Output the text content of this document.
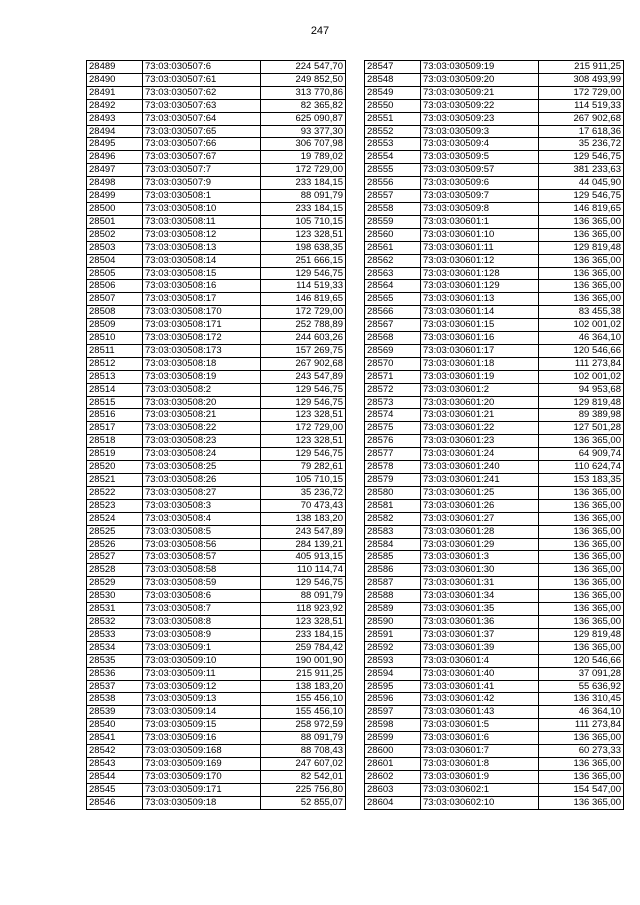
247
28489	73:03:030507:6	224 547,70
28490	73:03:030507:61	249 852,50
28491	73:03:030507:62	313 770,86
28492	73:03:030507:63	82 365,82
28493	73:03:030507:64	625 090,87
28494	73:03:030507:65	93 377,30
28495	73:03:030507:66	306 707,98
28496	73:03:030507:67	19 789,02
28497	73:03:030507:7	172 729,00
28498	73:03:030507:9	233 184,15
28499	73:03:030508:1	88 091,79
28500	73:03:030508:10	233 184,15
28501	73:03:030508:11	105 710,15
28502	73:03:030508:12	123 328,51
28503	73:03:030508:13	198 638,35
28504	73:03:030508:14	251 666,15
28505	73:03:030508:15	129 546,75
28506	73:03:030508:16	114 519,33
28507	73:03:030508:17	146 819,65
28508	73:03:030508:170	172 729,00
28509	73:03:030508:171	252 788,89
28510	73:03:030508:172	244 603,26
28511	73:03:030508:173	157 269,75
28512	73:03:030508:18	267 902,68
28513	73:03:030508:19	243 547,89
28514	73:03:030508:2	129 546,75
28515	73:03:030508:20	129 546,75
28516	73:03:030508:21	123 328,51
28517	73:03:030508:22	172 729,00
28518	73:03:030508:23	123 328,51
28519	73:03:030508:24	129 546,75
28520	73:03:030508:25	79 282,61
28521	73:03:030508:26	105 710,15
28522	73:03:030508:27	35 236,72
28523	73:03:030508:3	70 473,43
28524	73:03:030508:4	138 183,20
28525	73:03:030508:5	243 547,89
28526	73:03:030508:56	284 139,21
28527	73:03:030508:57	405 913,15
28528	73:03:030508:58	110 114,74
28529	73:03:030508:59	129 546,75
28530	73:03:030508:6	88 091,79
28531	73:03:030508:7	118 923,92
28532	73:03:030508:8	123 328,51
28533	73:03:030508:9	233 184,15
28534	73:03:030509:1	259 784,42
28535	73:03:030509:10	190 001,90
28536	73:03:030509:11	215 911,25
28537	73:03:030509:12	138 183,20
28538	73:03:030509:13	155 456,10
28539	73:03:030509:14	155 456,10
28540	73:03:030509:15	258 972,59
28541	73:03:030509:16	88 091,79
28542	73:03:030509:168	88 708,43
28543	73:03:030509:169	247 607,02
28544	73:03:030509:170	82 542,01
28545	73:03:030509:171	225 756,80
28546	73:03:030509:18	52 855,07
28547	73:03:030509:19	215 911,25
28548	73:03:030509:20	308 493,99
28549	73:03:030509:21	172 729,00
28550	73:03:030509:22	114 519,33
28551	73:03:030509:23	267 902,68
28552	73:03:030509:3	17 618,36
28553	73:03:030509:4	35 236,72
28554	73:03:030509:5	129 546,75
28555	73:03:030509:57	381 233,63
28556	73:03:030509:6	44 045,90
28557	73:03:030509:7	129 546,75
28558	73:03:030509:8	146 819,65
28559	73:03:030601:1	136 365,00
28560	73:03:030601:10	136 365,00
28561	73:03:030601:11	129 819,48
28562	73:03:030601:12	136 365,00
28563	73:03:030601:128	136 365,00
28564	73:03:030601:129	136 365,00
28565	73:03:030601:13	136 365,00
28566	73:03:030601:14	83 455,38
28567	73:03:030601:15	102 001,02
28568	73:03:030601:16	46 364,10
28569	73:03:030601:17	120 546,66
28570	73:03:030601:18	111 273,84
28571	73:03:030601:19	102 001,02
28572	73:03:030601:2	94 953,68
28573	73:03:030601:20	129 819,48
28574	73:03:030601:21	89 389,98
28575	73:03:030601:22	127 501,28
28576	73:03:030601:23	136 365,00
28577	73:03:030601:24	64 909,74
28578	73:03:030601:240	110 624,74
28579	73:03:030601:241	153 183,35
28580	73:03:030601:25	136 365,00
28581	73:03:030601:26	136 365,00
28582	73:03:030601:27	136 365,00
28583	73:03:030601:28	136 365,00
28584	73:03:030601:29	136 365,00
28585	73:03:030601:3	136 365,00
28586	73:03:030601:30	136 365,00
28587	73:03:030601:31	136 365,00
28588	73:03:030601:34	136 365,00
28589	73:03:030601:35	136 365,00
28590	73:03:030601:36	136 365,00
28591	73:03:030601:37	129 819,48
28592	73:03:030601:39	136 365,00
28593	73:03:030601:4	120 546,66
28594	73:03:030601:40	37 091,28
28595	73:03:030601:41	55 636,92
28596	73:03:030601:42	136 310,45
28597	73:03:030601:43	46 364,10
28598	73:03:030601:5	111 273,84
28599	73:03:030601:6	136 365,00
28600	73:03:030601:7	60 273,33
28601	73:03:030601:8	136 365,00
28602	73:03:030601:9	136 365,00
28603	73:03:030602:1	154 547,00
28604	73:03:030602:10	136 365,00
